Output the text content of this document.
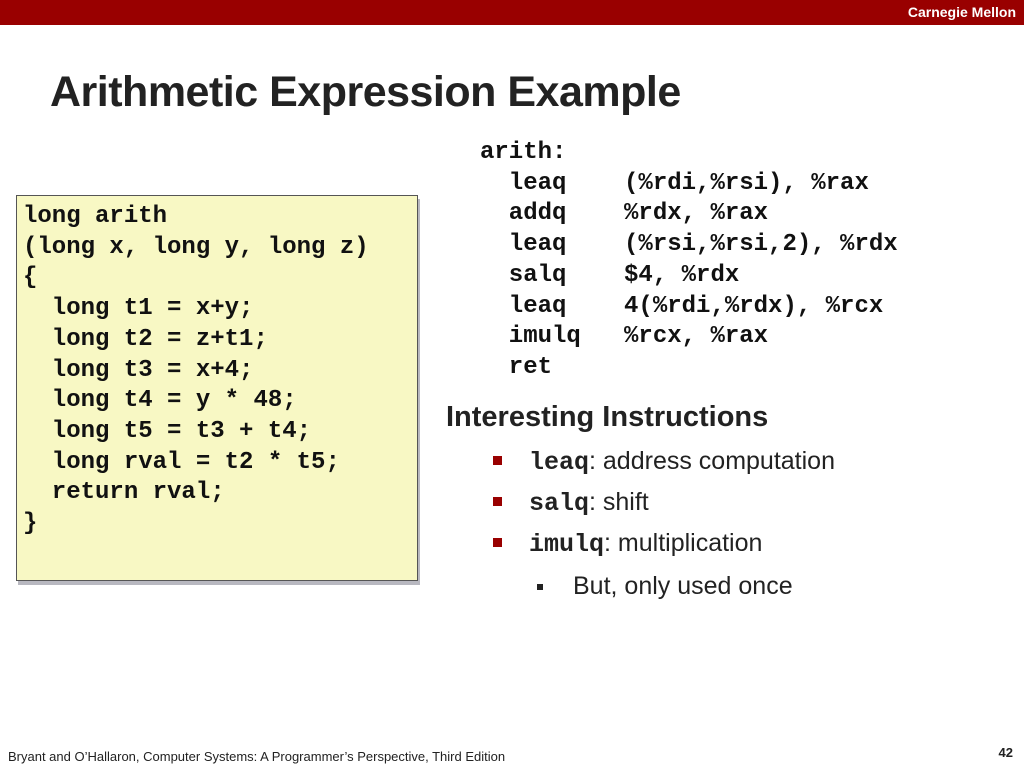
Carnegie Mellon
Arithmetic Expression Example
long arith
(long x, long y, long z)
{
long t1 = x+y;
long t2 = z+t1;
long t3 = x+4;
long t4 = y * 48;
long t5 = t3 + t4;
long rval = t2 * t5;
return rval;
}
arith:
leaq    (%rdi,%rsi), %rax
addq    %rdx, %rax
leaq    (%rsi,%rsi,2), %rdx
salq    $4, %rdx
leaq    4(%rdi,%rdx), %rcx
imulq   %rcx, %rax
ret
Interesting Instructions
leaq: address computation
salq: shift
imulq: multiplication
But, only used once
Bryant and O’Hallaron, Computer Systems: A Programmer’s Perspective, Third Edition	42
